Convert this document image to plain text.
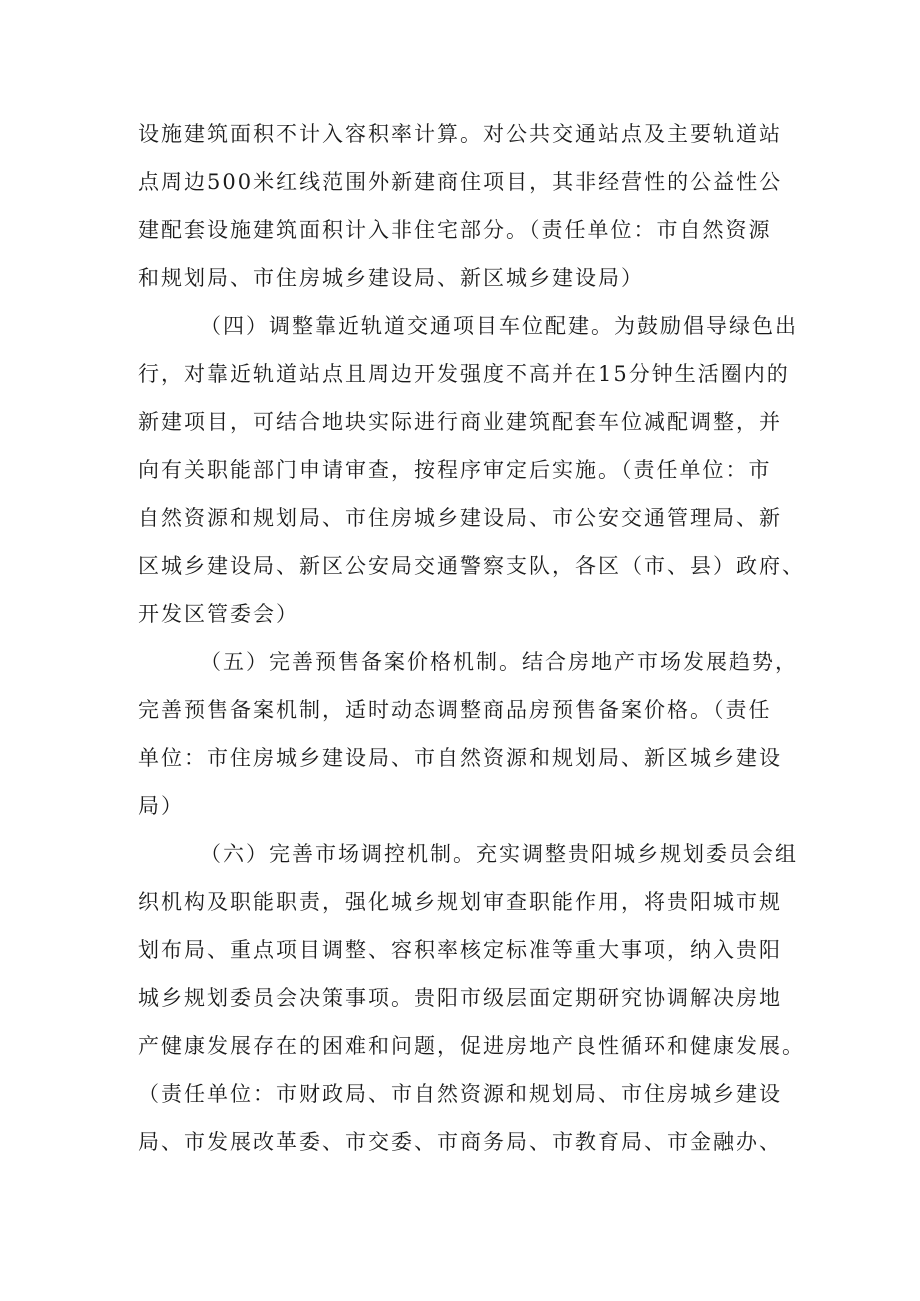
设施建筑面积不计入容积率计算。对公共交通站点及主要轨道站
点周边500米红线范围外新建商住项目，其非经营性的公益性公
建配套设施建筑面积计入非住宅部分。（责任单位：市自然资源
和规划局、市住房城乡建设局、新区城乡建设局）
（四）调整靠近轨道交通项目车位配建。为鼓励倡导绿色出
行，对靠近轨道站点且周边开发强度不高并在15分钟生活圈内的
新建项目，可结合地块实际进行商业建筑配套车位减配调整，并
向有关职能部门申请审查，按程序审定后实施。（责任单位：市
自然资源和规划局、市住房城乡建设局、市公安交通管理局、新
区城乡建设局、新区公安局交通警察支队，各区（市、县）政府、
开发区管委会）
（五）完善预售备案价格机制。结合房地产市场发展趋势，
完善预售备案机制，适时动态调整商品房预售备案价格。（责任
单位：市住房城乡建设局、市自然资源和规划局、新区城乡建设
局）
（六）完善市场调控机制。充实调整贵阳城乡规划委员会组
织机构及职能职责，强化城乡规划审查职能作用，将贵阳城市规
划布局、重点项目调整、容积率核定标准等重大事项，纳入贵阳
城乡规划委员会决策事项。贵阳市级层面定期研究协调解决房地
产健康发展存在的困难和问题，促进房地产良性循环和健康发展。
（责任单位：市财政局、市自然资源和规划局、市住房城乡建设
局、市发展改革委、市交委、市商务局、市教育局、市金融办、
